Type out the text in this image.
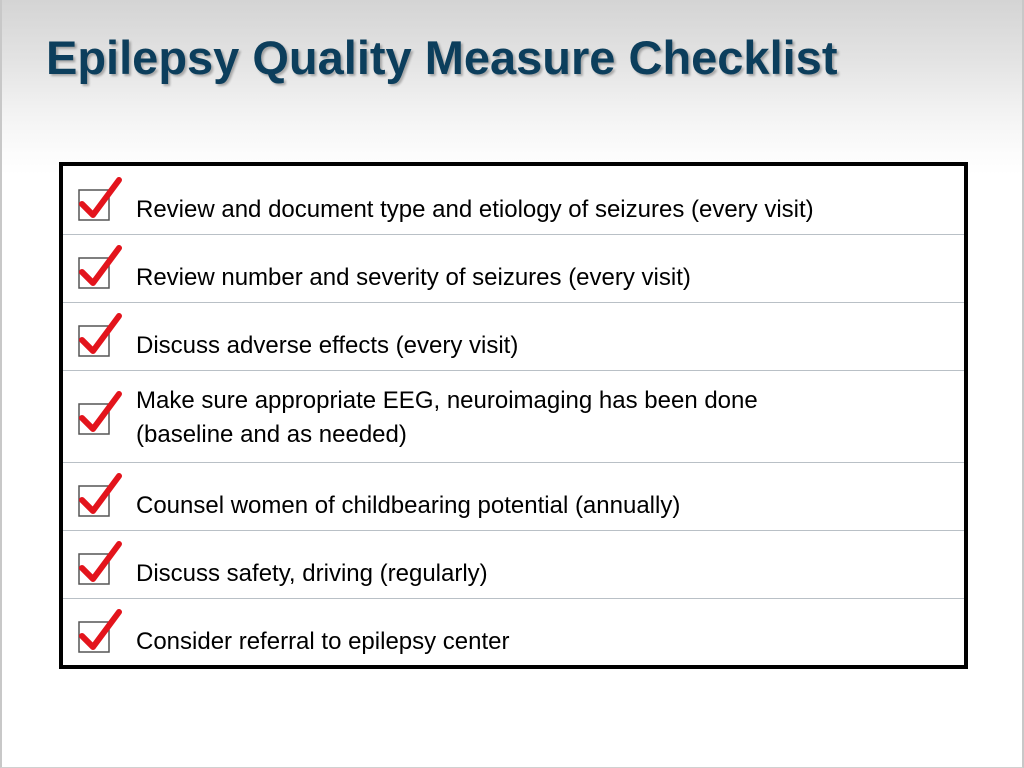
Epilepsy Quality Measure Checklist
Review and document type and etiology of seizures (every visit)
Review number and severity of seizures (every visit)
Discuss adverse effects (every visit)
Make sure appropriate EEG, neuroimaging has been done
(baseline and as needed)
Counsel women of childbearing potential (annually)
Discuss safety, driving (regularly)
Consider referral to epilepsy center
